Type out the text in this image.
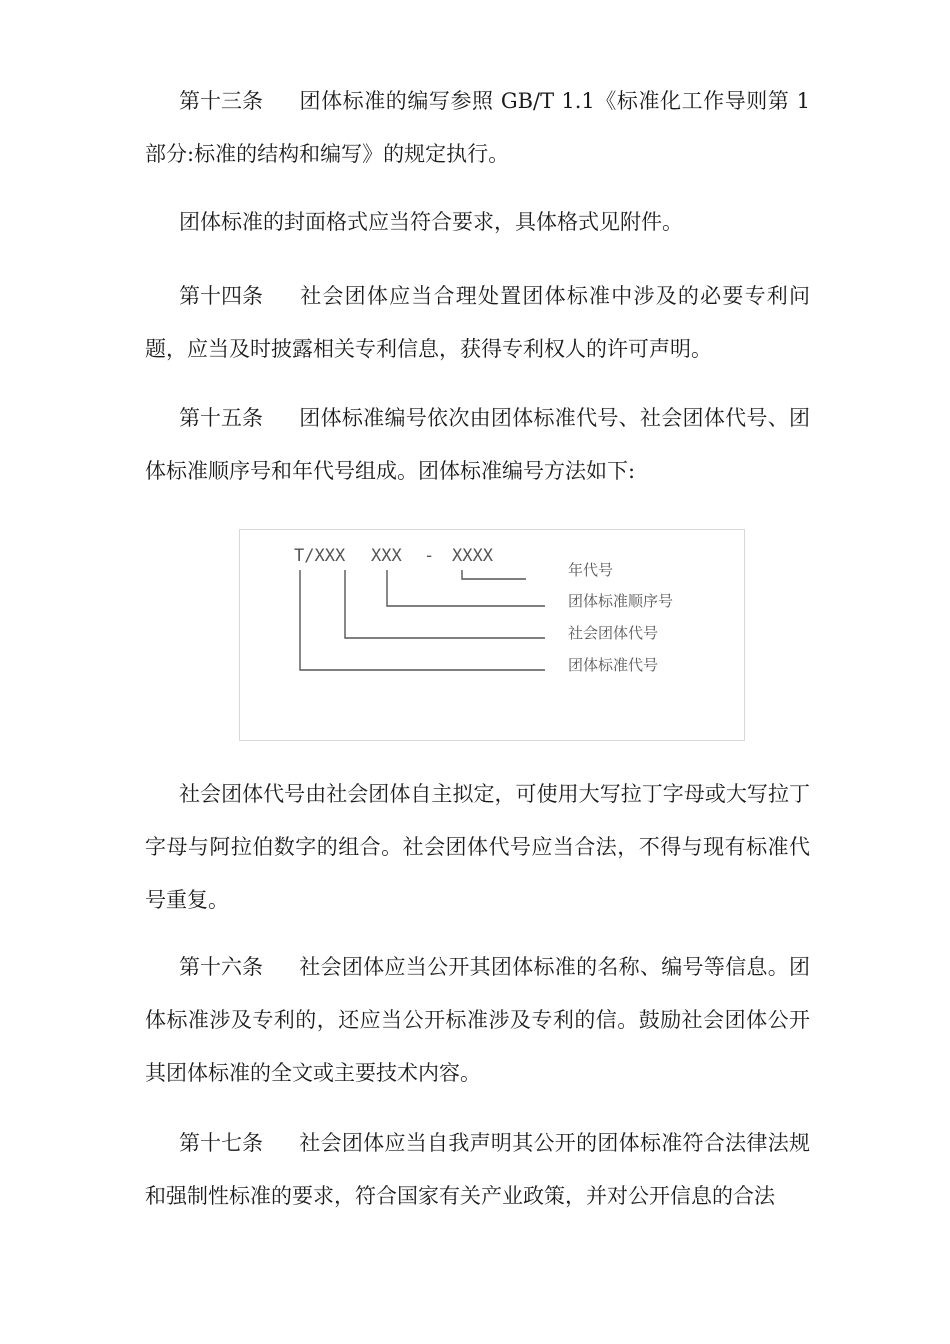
第十三条 团体标准的编写参照 GB/T 1.1《标准化工作导则第 1 部分:标准的结构和编写》的规定执行。

团体标准的封面格式应当符合要求，具体格式见附件。

第十四条 社会团体应当合理处置团体标准中涉及的必要专利问题，应当及时披露相关专利信息，获得专利权人的许可声明。

第十五条 团体标准编号依次由团体标准代号、社会团体代号、团体标准顺序号和年代号组成。团体标准编号方法如下:

T/XXX XXX - XXXX
年代号
团体标准顺序号
社会团体代号
团体标准代号

社会团体代号由社会团体自主拟定，可使用大写拉丁字母或大写拉丁字母与阿拉伯数字的组合。社会团体代号应当合法，不得与现有标准代号重复。

第十六条 社会团体应当公开其团体标准的名称、编号等信息。团体标准涉及专利的，还应当公开标准涉及专利的信。鼓励社会团体公开其团体标准的全文或主要技术内容。

第十七条 社会团体应当自我声明其公开的团体标准符合法律法规和强制性标准的要求，符合国家有关产业政策，并对公开信息的合法
